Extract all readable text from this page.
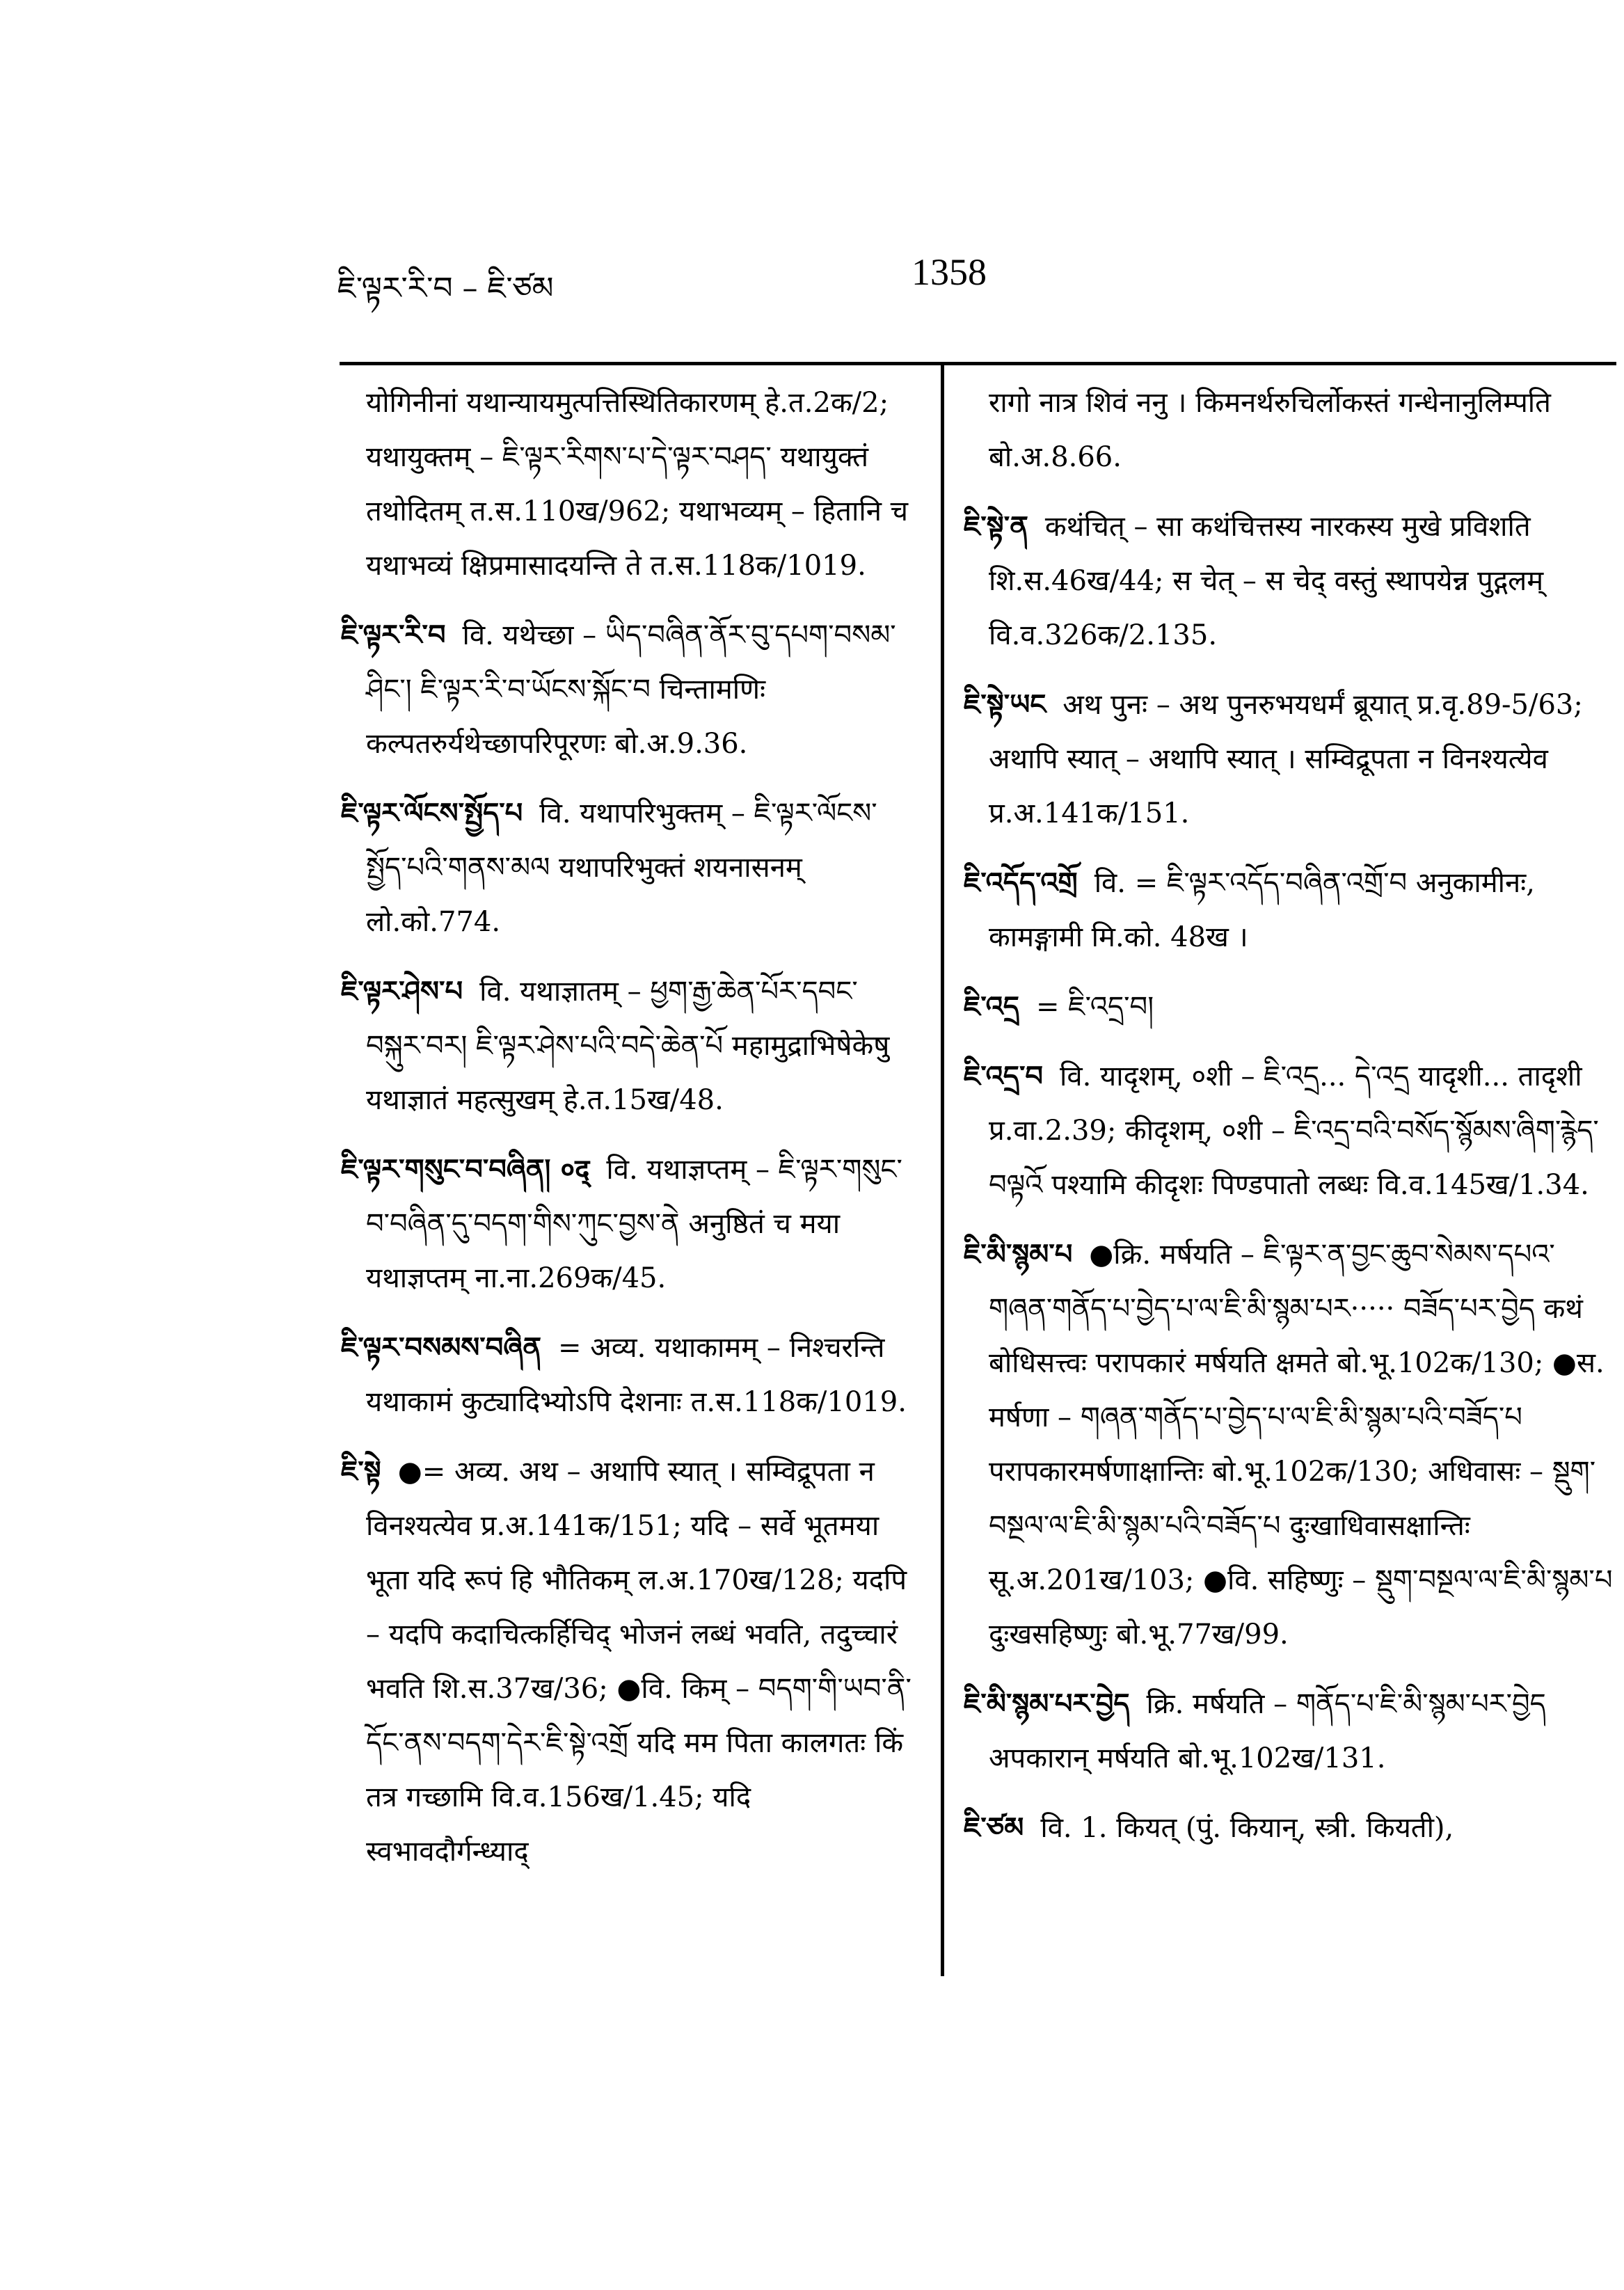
ཇི་ལྟར་རི་བ – ཇི་ཙམ	1358

योगिनीनां यथान्यायमुत्पत्तिस्थितिकारणम् हे.त.2क/2; यथायुक्तम् – ཇི་ལྟར་རིགས་པ་དེ་ལྟར་བཤད་ यथायुक्तं तथोदितम् त.स.110ख/962; यथाभव्यम् – हितानि च यथाभव्यं क्षिप्रमासादयन्ति ते त.स.118क/1019.

ཇི་ལྟར་རི་བ वि. यथेच्छा – ཡིད་བཞིན་ནོར་བུ་དཔག་བསམ་ཤིང་། ཇི་ལྟར་རི་བ་ཡོངས་སྐོང་བ चिन्तामणिः कल्पतरुर्यथेच्छापरिपूरणः बो.अ.9.36.

ཇི་ལྟར་ལོངས་སྤྱོད་པ वि. यथापरिभुक्तम् – ཇི་ལྟར་ལོངས་སྤྱོད་པའི་གནས་མལ यथापरिभुक्तं शयनासनम् लो.को.774.

ཇི་ལྟར་ཤེས་པ वि. यथाज्ञातम् – ཕྱག་རྒྱ་ཆེན་པོར་དབང་བསྐུར་བར། ཇི་ལྟར་ཤེས་པའི་བདེ་ཆེན་པོ महामुद्राभिषेकेषु यथाज्ञातं महत्सुखम् हे.त.15ख/48.

ཇི་ལྟར་གསུང་བ་བཞིན། ०द् वि. यथाज्ञप्तम् – ཇི་ལྟར་གསུང་བ་བཞིན་དུ་བདག་གིས་ཀུང་བྱས་ནེ अनुष्ठितं च मया यथाज्ञप्तम् ना.ना.269क/45.

ཇི་ལྟར་བསམས་བཞིན = अव्य. यथाकामम् – निश्चरन्ति यथाकामं कुट्यादिभ्योऽपि देशनाः त.स.118क/1019.

ཇི་སྟེ ●= अव्य. अथ – अथापि स्यात् । सम्विद्रूपता न विनश्यत्येव प्र.अ.141क/151; यदि – सर्वे भूतमया भूता यदि रूपं हि भौतिकम् ल.अ.170ख/128; यदपि – यदपि कदाचित्कर्हिचिद् भोजनं लब्धं भवति, तदुच्चारं भवति शि.स.37ख/36; ●वि. किम् – བདག་གི་ཡབ་ནི་དོང་ནས་བདག་དེར་ཇི་སྟེ་འགྲོ यदि मम पिता कालगतः किं तत्र गच्छामि वि.व.156ख/1.45; यदि स्वभावदौर्गन्ध्याद्

रागो नात्र शिवं ननु । किमनर्थरुचिर्लोकस्तं गन्धेनानुलिम्पति बो.अ.8.66.

ཇི་སྟེ་ན कथंचित् – सा कथंचित्तस्य नारकस्य मुखे प्रविशति शि.स.46ख/44; स चेत् – स चेद् वस्तुं स्थापयेन्न पुद्गलम् वि.व.326क/2.135.

ཇི་སྟེ་ཡང अथ पुनः – अथ पुनरुभयधर्मं ब्रूयात् प्र.वृ.89-5/63; अथापि स्यात् – अथापि स्यात् । सम्विद्रूपता न विनश्यत्येव प्र.अ.141क/151.

ཇི་འདོད་འགྲོ वि. = ཇི་ལྟར་འདོད་བཞིན་འགྲོ་བ अनुकामीनः, कामङ्गामी मि.को. 48ख ।

ཇི་འདྲ = ཇི་འདྲ་བ།

ཇི་འདྲ་བ वि. यादृशम्, ०शी – ཇི་འདྲ... དེ་འདྲ यादृशी... तादृशी प्र.वा.2.39; कीदृशम्, ०शी – ཇི་འདྲ་བའི་བསོད་སྙོམས་ཞིག་རྙེད་བལྟའོ पश्यामि कीदृशः पिण्डपातो लब्धः वि.व.145ख/1.34.

ཇི་མི་སྙམ་པ ●क्रि. मर्षयति – ཇི་ལྟར་ན་བྱང་ཆུབ་སེམས་དཔའ་གཞན་གནོད་པ་བྱེད་པ་ལ་ཇི་མི་སྙམ་པར····· བཟོད་པར་བྱེད कथं बोधिसत्त्वः परापकारं मर्षयति क्षमते बो.भू.102क/130; ●स. मर्षणा – གཞན་གནོད་པ་བྱེད་པ་ལ་ཇི་མི་སྙམ་པའི་བཟོད་པ परापकारमर्षणाक्षान्तिः बो.भू.102क/130; अधिवासः – སྡུག་བསྔལ་ལ་ཇི་མི་སྙམ་པའི་བཟོད་པ दुःखाधिवासक्षान्तिः सू.अ.201ख/103; ●वि. सहिष्णुः – སྡུག་བསྔལ་ལ་ཇི་མི་སྙམ་པ दुःखसहिष्णुः बो.भू.77ख/99.

ཇི་མི་སྙམ་པར་བྱེད क्रि. मर्षयति – གནོད་པ་ཇི་མི་སྙམ་པར་བྱེད अपकारान् मर्षयति बो.भू.102ख/131.

ཇི་ཙམ वि. 1. कियत् (पुं. कियान्, स्त्री. कियती),
